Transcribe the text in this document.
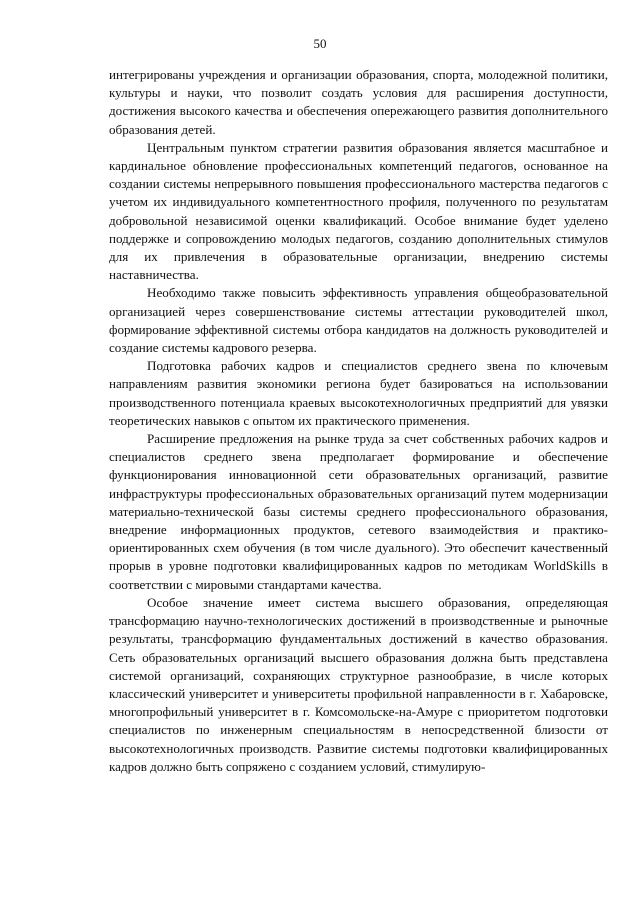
50

интегрированы учреждения и организации образования, спорта, молодежной политики, культуры и науки, что позволит создать условия для расширения доступности, достижения высокого качества и обеспечения опережающего развития дополнительного образования детей.

Центральным пунктом стратегии развития образования является масштабное и кардинальное обновление профессиональных компетенций педагогов, основанное на создании системы непрерывного повышения профессионального мастерства педагогов с учетом их индивидуального компетентностного профиля, полученного по результатам добровольной независимой оценки квалификаций. Особое внимание будет уделено поддержке и сопровождению молодых педагогов, созданию дополнительных стимулов для их привлечения в образовательные организации, внедрению системы наставничества.

Необходимо также повысить эффективность управления общеобразовательной организацией через совершенствование системы аттестации руководителей школ, формирование эффективной системы отбора кандидатов на должность руководителей и создание системы кадрового резерва.

Подготовка рабочих кадров и специалистов среднего звена по ключевым направлениям развития экономики региона будет базироваться на использовании производственного потенциала краевых высокотехнологичных предприятий для увязки теоретических навыков с опытом их практического применения.

Расширение предложения на рынке труда за счет собственных рабочих кадров и специалистов среднего звена предполагает формирование и обеспечение функционирования инновационной сети образовательных организаций, развитие инфраструктуры профессиональных образовательных организаций путем модернизации материально-технической базы системы среднего профессионального образования, внедрение информационных продуктов, сетевого взаимодействия и практико-ориентированных схем обучения (в том числе дуального). Это обеспечит качественный прорыв в уровне подготовки квалифицированных кадров по методикам WorldSkills в соответствии с мировыми стандартами качества.

Особое значение имеет система высшего образования, определяющая трансформацию научно-технологических достижений в производственные и рыночные результаты, трансформацию фундаментальных достижений в качество образования. Сеть образовательных организаций высшего образования должна быть представлена системой организаций, сохраняющих структурное разнообразие, в числе которых классический университет и университеты профильной направленности в г. Хабаровске, многопрофильный университет в г. Комсомольске-на-Амуре с приоритетом подготовки специалистов по инженерным специальностям в непосредственной близости от высокотехнологичных производств. Развитие системы подготовки квалифицированных кадров должно быть сопряжено с созданием условий, стимулирую-
